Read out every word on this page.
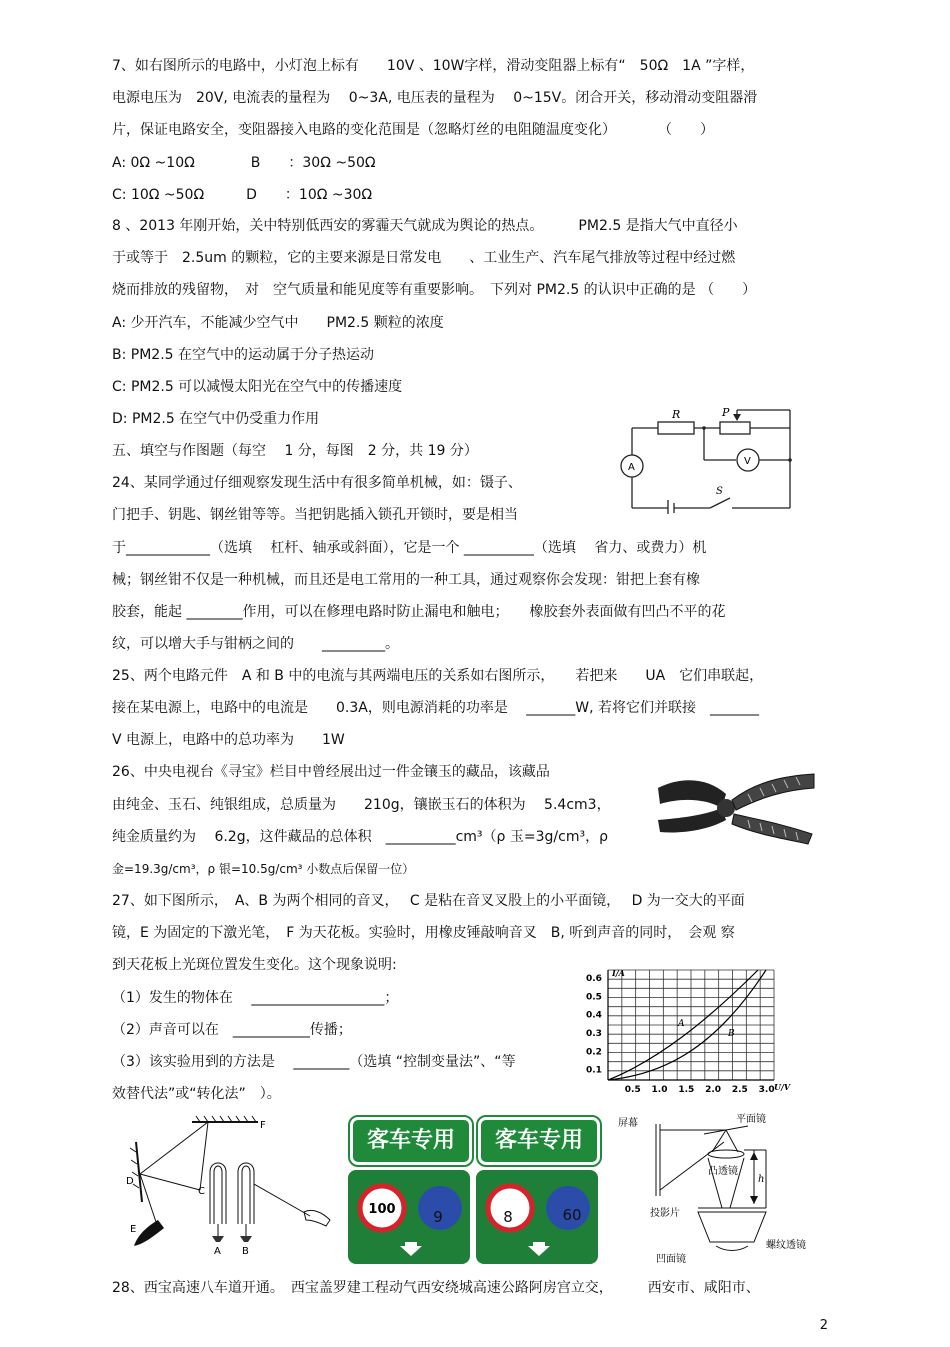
7、如右图所示的电路中，小灯泡上标有　　10V 、10W字样，滑动变阻器上标有“　50Ω　1A ”字样，
电源电压为　20V, 电流表的量程为　 0~3A, 电压表的量程为　 0~15V。闭合开关，移动滑动变阻器滑
片，保证电路安全，变阻器接入电路的变化范围是（忽略灯丝的电阻随温度变化）　　　　（　　）
A: 0Ω ~10Ω　　　　B　　：30Ω ~50Ω
C: 10Ω ~50Ω　　　D　　：10Ω ~30Ω
8 、2013 年刚开始，关中特别低西安的雾霾天气就成为舆论的热点。　　　PM2.5 是指大气中直径小
于或等于　2.5um 的颗粒，它的主要来源是日常发电　　、工业生产、汽车尾气排放等过程中经过燃
烧而排放的残留物，　对　空气质量和能见度等有重要影响。　下列对 PM2.5 的认识中正确的是 （　　）
A: 少开汽车，不能减少空气中　　PM2.5 颗粒的浓度
B: PM2.5 在空气中的运动属于分子热运动
C: PM2.5 可以减慢太阳光在空气中的传播速度
D: PM2.5 在空气中仍受重力作用
五、填空与作图题（每空　 1 分，每图　2 分，共 19 分）
24、某同学通过仔细观察发现生活中有很多简单机械，如：镊子、
门把手、钥匙、钢丝钳等等。当把钥匙插入锁孔开锁时，要是相当
于____________（选填　 杠杆、轴承或斜面），它是一个 __________（选填　 省力、或费力）机
械；钢丝钳不仅是一种机械，而且还是电工常用的一种工具，通过观察你会发现：钳把上套有橡
胶套，能起 ________作用，可以在修理电路时防止漏电和触电；　　橡胶套外表面做有凹凸不平的花
纹，可以增大手与钳柄之间的　　_________。
25、两个电路元件　A 和 B 中的电流与其两端电压的关系如右图所示，　　若把来　　UA　它们串联起，
接在某电源上，电路中的电流是　　0.3A，则电源消耗的功率是　 _______W, 若将它们并联接　_______
V 电源上，电路中的总功率为　　1W
26、中央电视台《寻宝》栏目中曾经展出过一件金镶玉的藏品，该藏品
由纯金、玉石、纯银组成，总质量为　　210g，镶嵌玉石的体积为　 5.4cm3，
纯金质量约为　 6.2g，这件藏品的总体积　__________cm³（ρ 玉=3g/cm³，ρ
金=19.3g/cm³，ρ 银=10.5g/cm³ 小数点后保留一位）
27、如下图所示，　A、B 为两个相同的音叉，　 C 是粘在音叉叉股上的小平面镜，　 D 为一交大的平面
镜，E 为固定的下激光笔，　F 为天花板。实验时，用橡皮锤敲响音叉　B, 听到声音的同时，　会观 察
到天花板上光斑位置发生变化。这个现象说明:
（1）发生的物体在　 ___________________；
（2）声音可以在　___________传播；
（3）该实验用到的方法是　 ________（选填 “控制变量法”、“等
效替代法”或“转化法”　）。
28、西宝高速八车道开通。　西宝盖罗建工程动气西安绕城高速公路阿房宫立交，　　　西安市、咸阳市、
2
R	P
A
V
S
0.6
0.5
0.4
0.3
0.2
0.1
0.5 1.0 1.5 2.0 2.5 3.0
I/A
U/V
A
B
F
D
C
E
A B
客车专用	客车专用
100	9	8	60
屏幕	平面镜
凸透镜
h
投影片
螺纹透镜
凹面镜
